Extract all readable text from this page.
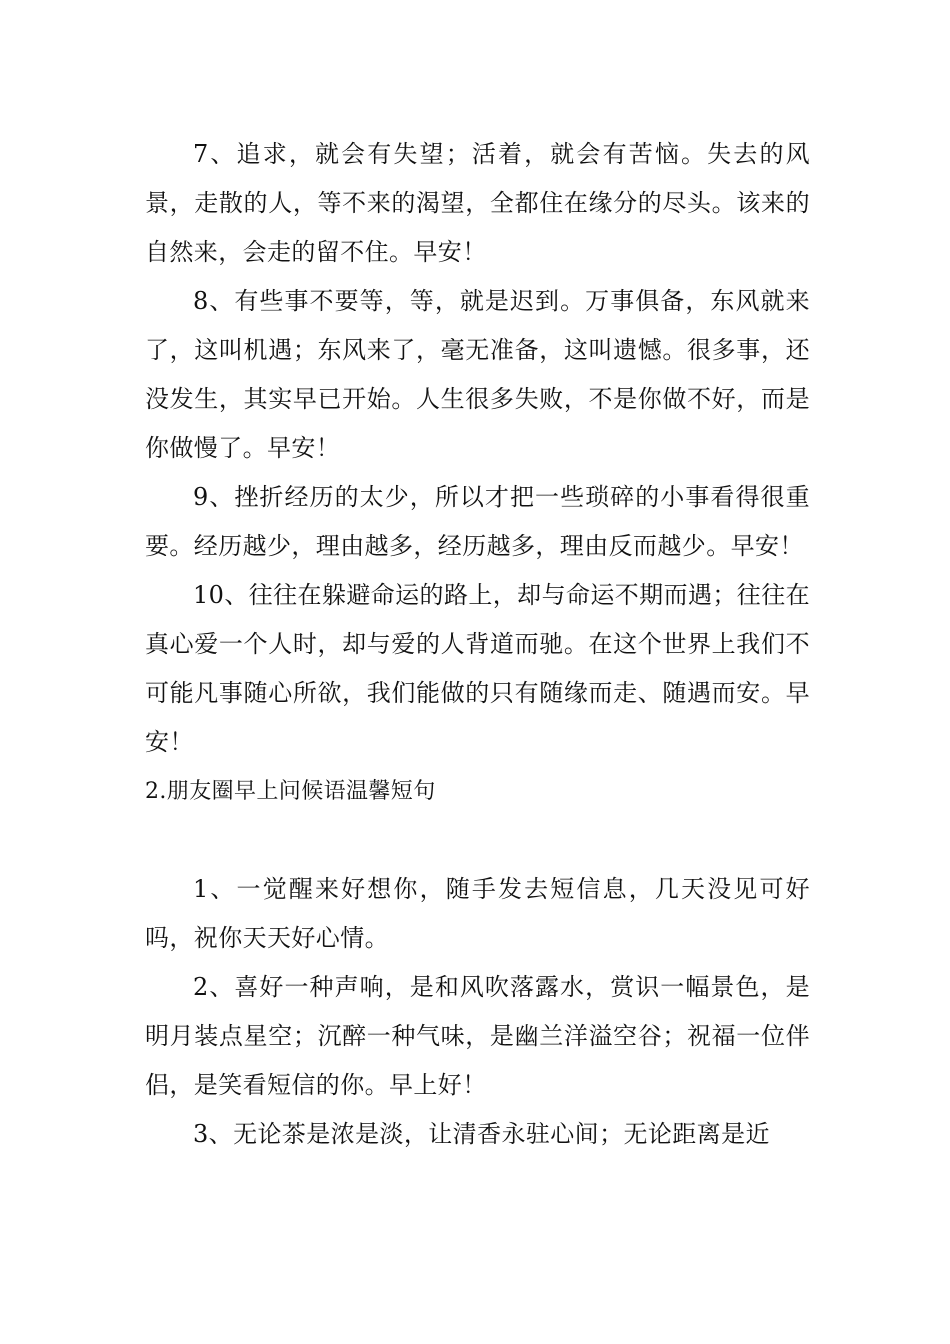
7、追求，就会有失望；活着，就会有苦恼。失去的风景，走散的人，等不来的渴望，全都住在缘分的尽头。该来的自然来，会走的留不住。早安！

8、有些事不要等，等，就是迟到。万事俱备，东风就来了，这叫机遇；东风来了，毫无准备，这叫遗憾。很多事，还没发生，其实早已开始。人生很多失败，不是你做不好，而是你做慢了。早安！

9、挫折经历的太少，所以才把一些琐碎的小事看得很重要。经历越少，理由越多，经历越多，理由反而越少。早安！

10、往往在躲避命运的路上，却与命运不期而遇；往往在真心爱一个人时，却与爱的人背道而驰。在这个世界上我们不可能凡事随心所欲，我们能做的只有随缘而走、随遇而安。早安！

2.朋友圈早上问候语温馨短句

1、一觉醒来好想你，随手发去短信息，几天没见可好吗，祝你天天好心情。

2、喜好一种声响，是和风吹落露水，赏识一幅景色，是明月装点星空；沉醉一种气味，是幽兰洋溢空谷；祝福一位伴侣，是笑看短信的你。早上好！

3、无论茶是浓是淡，让清香永驻心间；无论距离是近
